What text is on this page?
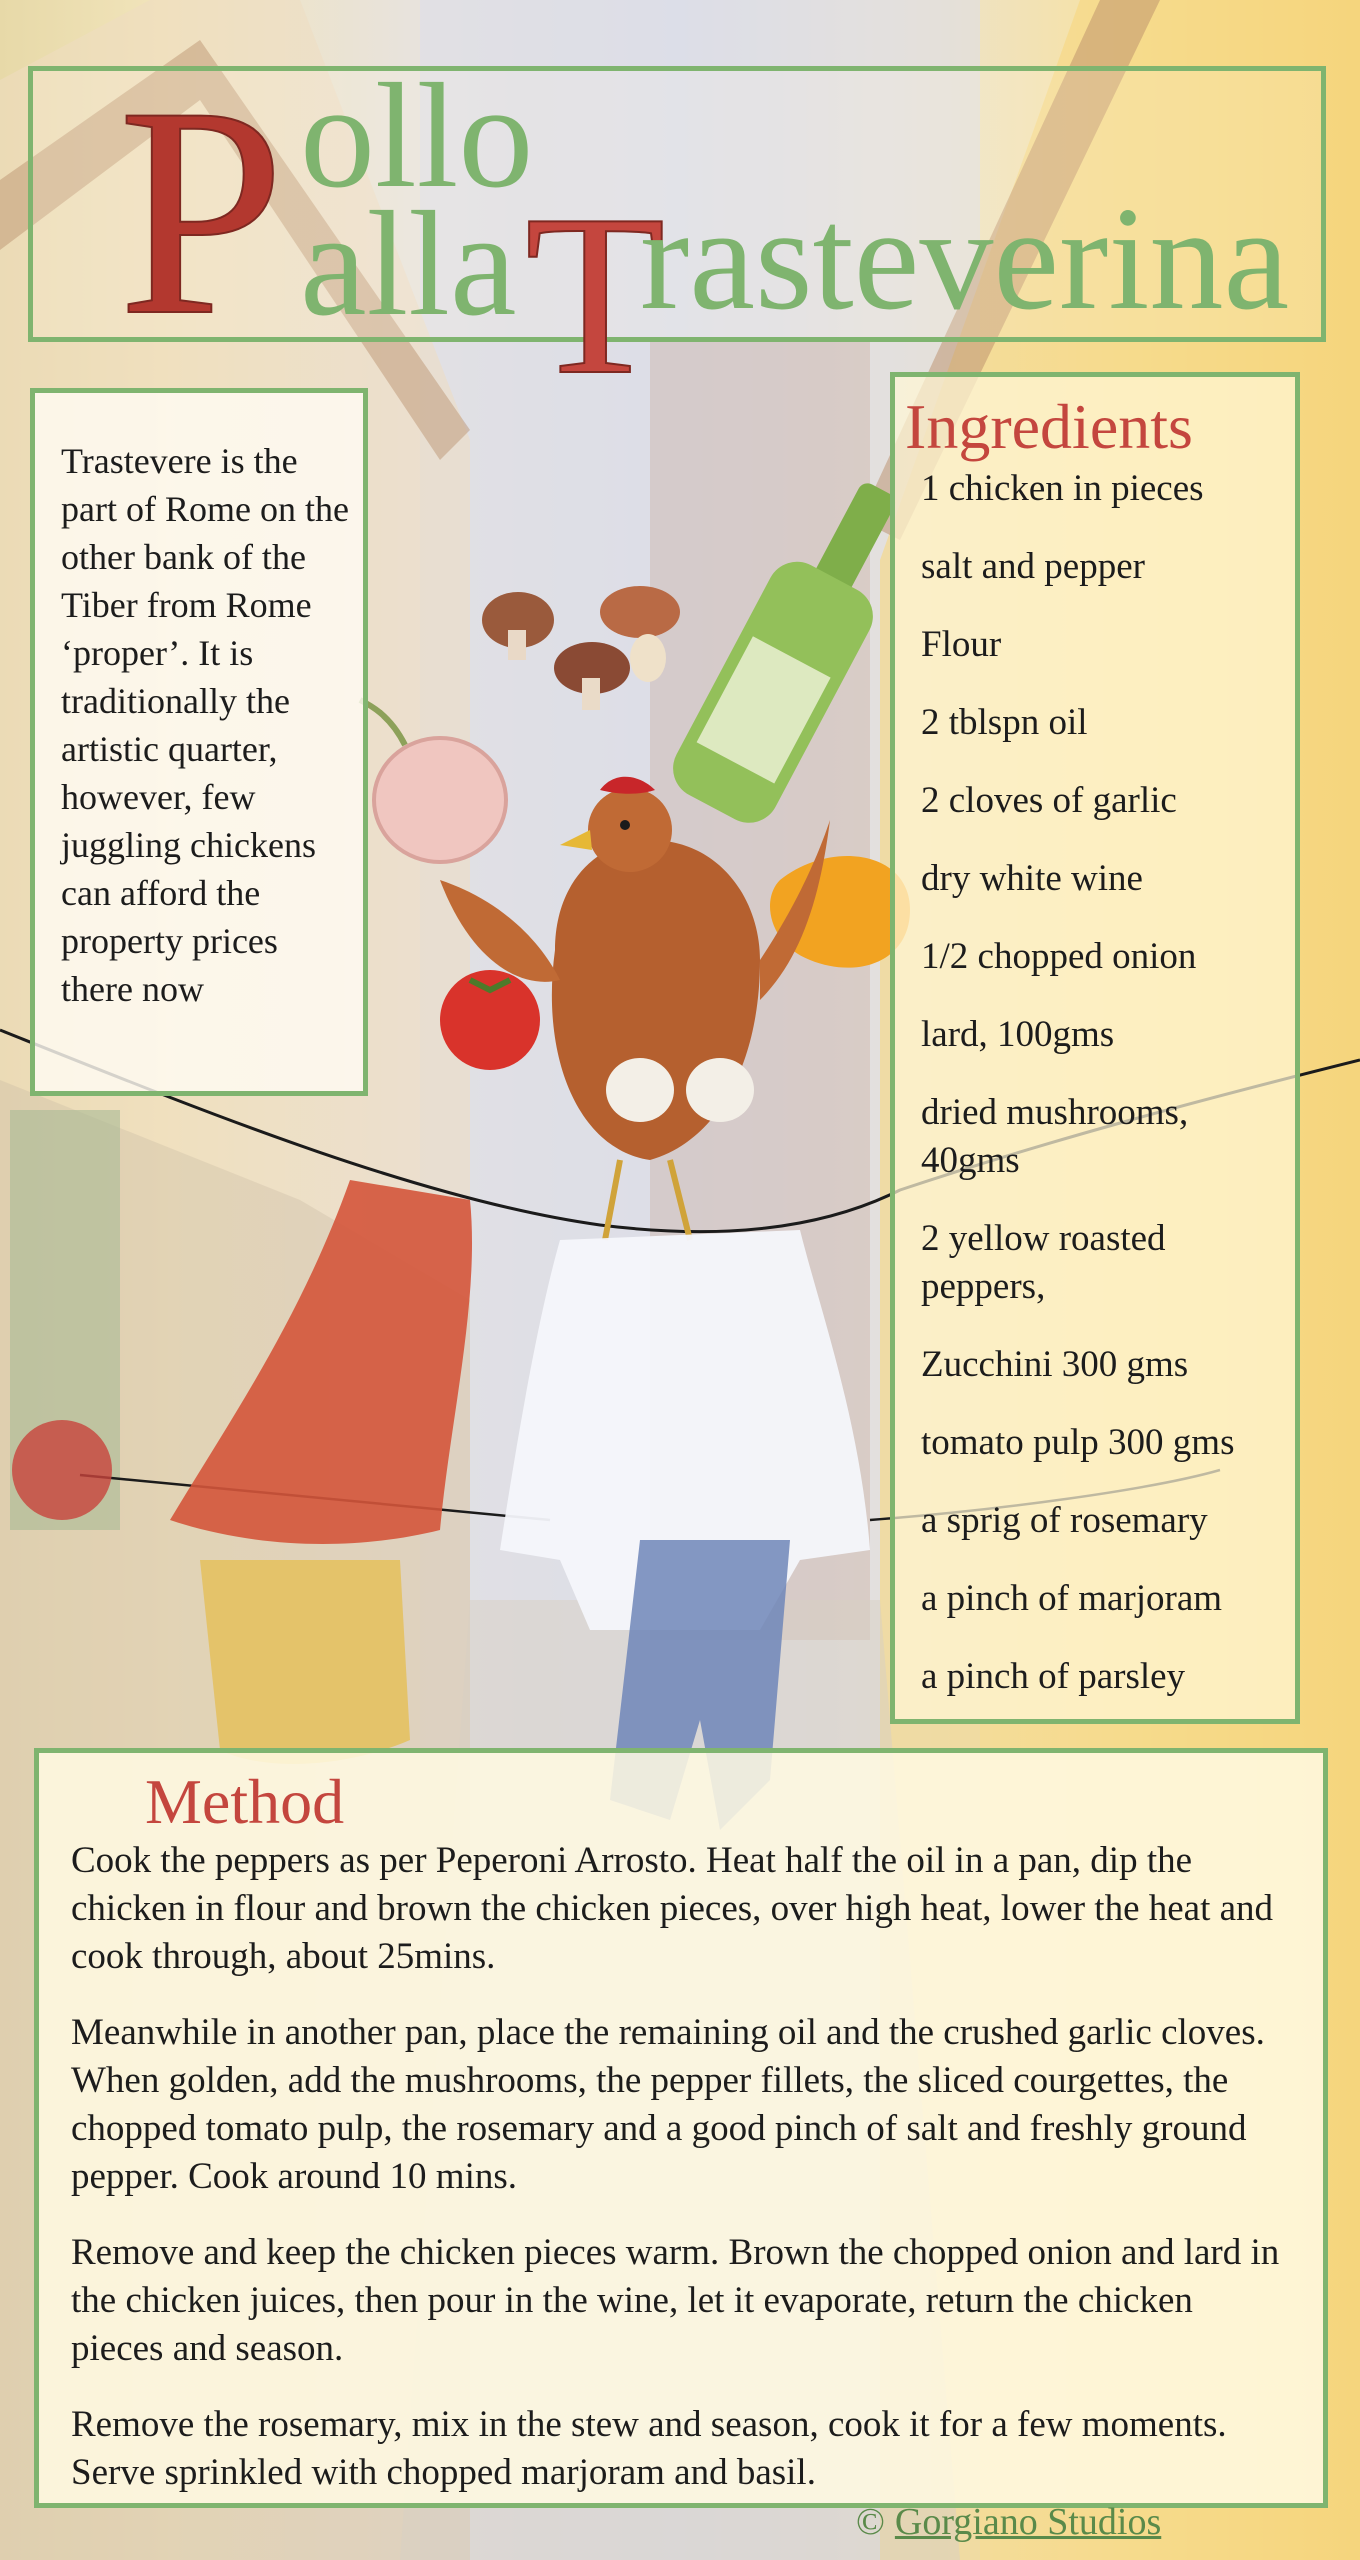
P ollo
alla T
rasteverina

Trastevere is the part of Rome on the other bank of the Tiber from Rome ‘proper’. It is traditionally the artistic quarter, however, few juggling chickens can afford the property prices there now

Ingredients
1 chicken in pieces
salt and pepper
Flour
2 tblspn oil
2 cloves of garlic
dry white wine
1/2 chopped onion
lard, 100gms
dried mushrooms, 40gms
2 yellow roasted peppers,
Zucchini 300 gms
tomato pulp 300 gms
a sprig of rosemary
a pinch of marjoram
a pinch of parsley
Method

Cook the peppers as per Peperoni Arrosto. Heat half the oil in a pan, dip the chicken in flour and brown the chicken pieces, over high heat, lower the heat and cook through, about 25mins.

Meanwhile in another pan, place the remaining oil and the crushed garlic cloves. When golden, add the mushrooms, the pepper fillets, the sliced courgettes, the chopped tomato pulp, the rosemary and a good pinch of salt and freshly ground pepper. Cook around 10 mins.

Remove and keep the chicken pieces warm. Brown the chopped onion and lard in the chicken juices, then pour in the wine, let it evaporate, return the chicken pieces and season.

Remove the rosemary, mix in the stew and season, cook it for a few moments. Serve sprinkled with chopped marjoram and basil.

© Gorgiano Studios
